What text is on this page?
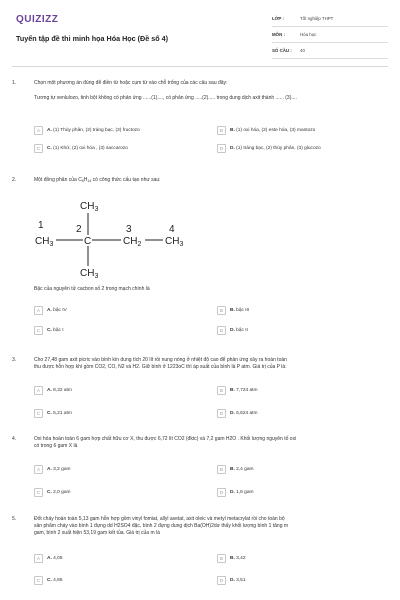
QUIZIZZ
Tuyển tập đề thi minh họa Hóa Học (Đề số 4)
LỚP :	Tốt nghiệp THPT
MÔN :	Hóa học
SỐ CÂU :	40
1.	Chọn một phương án đúng để điền từ hoặc cụm từ vào chỗ trống của các câu sau đây:
Tương tự xenlulozo, tinh bột không có phản ứng ......(1)...., có phản ứng .....(2)..... trong dung dịch axit thành ...... (3)....
A	A. (1) Thủy phân, (2) tráng bạc, (3) fructozo	B	B. (1) oxi hóa, (2) este hóa, (3) mantozo
C	C. (1) Khử, (2) oxi hóa , (3) saccarozo	D	D. (1) tráng bạc, (2) thủy phân, (3) glucozo
2.	Một đồng phân của $C_6H_{14}$ có công thức cấu tạo như sau:
Bậc của nguyên tử cacbon số 2 trong mạch chính là
A	A. bậc IV	B	B. bậc III
C	C. bậc I	D	D. bậc II
$CH_3$
$CH_3$	C	$CH_2$ $CH_3$
$CH_3$
1	2	3	4
3.	Cho 27,48 gam axit picric vào bình kín dung tích 20 lít rồi nung nóng ở nhiệt độ cao để phản ứng xảy ra hoàn toàn
thu được hỗn hợp khí gồm CO2, CO, N2 và H2. Giữ bình ở 1223oC thì áp suất của bình là P atm. Giá trị của P là:
A	A. 8,32 atm	B	B. 7,724 atm
C	C. 5,21 atm	D	D. 6,624 atm
4.	Oxi hóa hoàn toàn 6 gam hợp chất hữu cơ X, thu được 6,72 lít CO2 (đktc) và 7,2 gam H2O . Khối lượng nguyên tố oxi
có trong 6 gam X là
A	A. 3,2 gam	B	B. 2,4 gam
C	C. 2,0 gam	D	D. 1,6 gam
5.	Đốt cháy hoàn toàn 5,13 gam hỗn hợp gồm vinyl fomiat, allyl axetat, axit oleic và metyl metacrylat rồi cho toàn bộ
sản phẩm cháy vào bình 1 đựng dd H2SO4 đặc, bình 2 đựng dung dịch Ba(OH)2dư thấy khối lượng bình 1 tăng m
gam, bình 2 xuất hiện 53,19 gam kết tủa. Giá trị của m là
A	A. 4,05	B	B. 3,42
C	C. 4,86	D	D. 3,51
